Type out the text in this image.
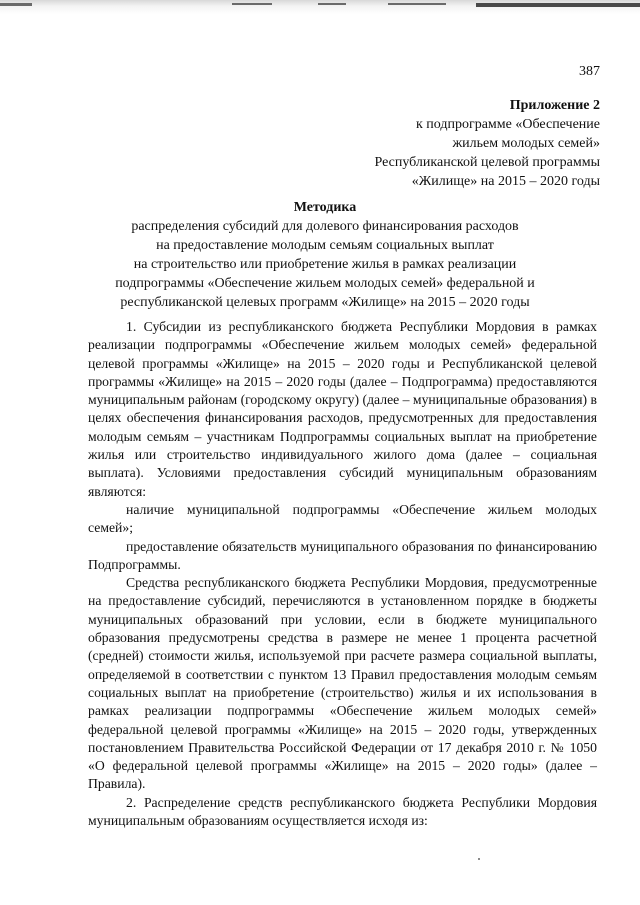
387
Приложение 2
к подпрограмме «Обеспечение
жильем молодых семей»
Республиканской целевой программы
«Жилище» на 2015 – 2020 годы
Методика
распределения субсидий для долевого финансирования расходов
на предоставление молодым семьям социальных выплат
на строительство или приобретение жилья в рамках реализации
подпрограммы «Обеспечение жильем молодых семей» федеральной и
республиканской целевых программ «Жилище» на 2015 – 2020 годы

1. Субсидии из республиканского бюджета Республики Мордовия в рамках реализации подпрограммы «Обеспечение жильем молодых семей» федеральной целевой программы «Жилище» на 2015 – 2020 годы и Республиканской целевой программы «Жилище» на 2015 – 2020 годы (далее – Подпрограмма) предоставляются муниципальным районам (городскому округу) (далее – муниципальные образования) в целях обеспечения финансирования расходов, предусмотренных для предоставления молодым семьям – участникам Подпрограммы социальных выплат на приобретение жилья или строительство индивидуального жилого дома (далее – социальная выплата). Условиями предоставления субсидий муниципальным образованиям являются:

наличие муниципальной подпрограммы «Обеспечение жильем молодых семей»;

предоставление обязательств муниципального образования по финансированию Подпрограммы.

Средства республиканского бюджета Республики Мордовия, предусмотренные на предоставление субсидий, перечисляются в установленном порядке в бюджеты муниципальных образований при условии, если в бюджете муниципального образования предусмотрены средства в размере не менее 1 процента расчетной (средней) стоимости жилья, используемой при расчете размера социальной выплаты, определяемой в соответствии с пунктом 13 Правил предоставления молодым семьям социальных выплат на приобретение (строительство) жилья и их использования в рамках реализации подпрограммы «Обеспечение жильем молодых семей» федеральной целевой программы «Жилище» на 2015 – 2020 годы, утвержденных постановлением Правительства Российской Федерации от 17 декабря 2010 г. № 1050 «О федеральной целевой программы «Жилище» на 2015 – 2020 годы» (далее – Правила).

2. Распределение средств республиканского бюджета Республики Мордовия муниципальным образованиям осуществляется исходя из:
